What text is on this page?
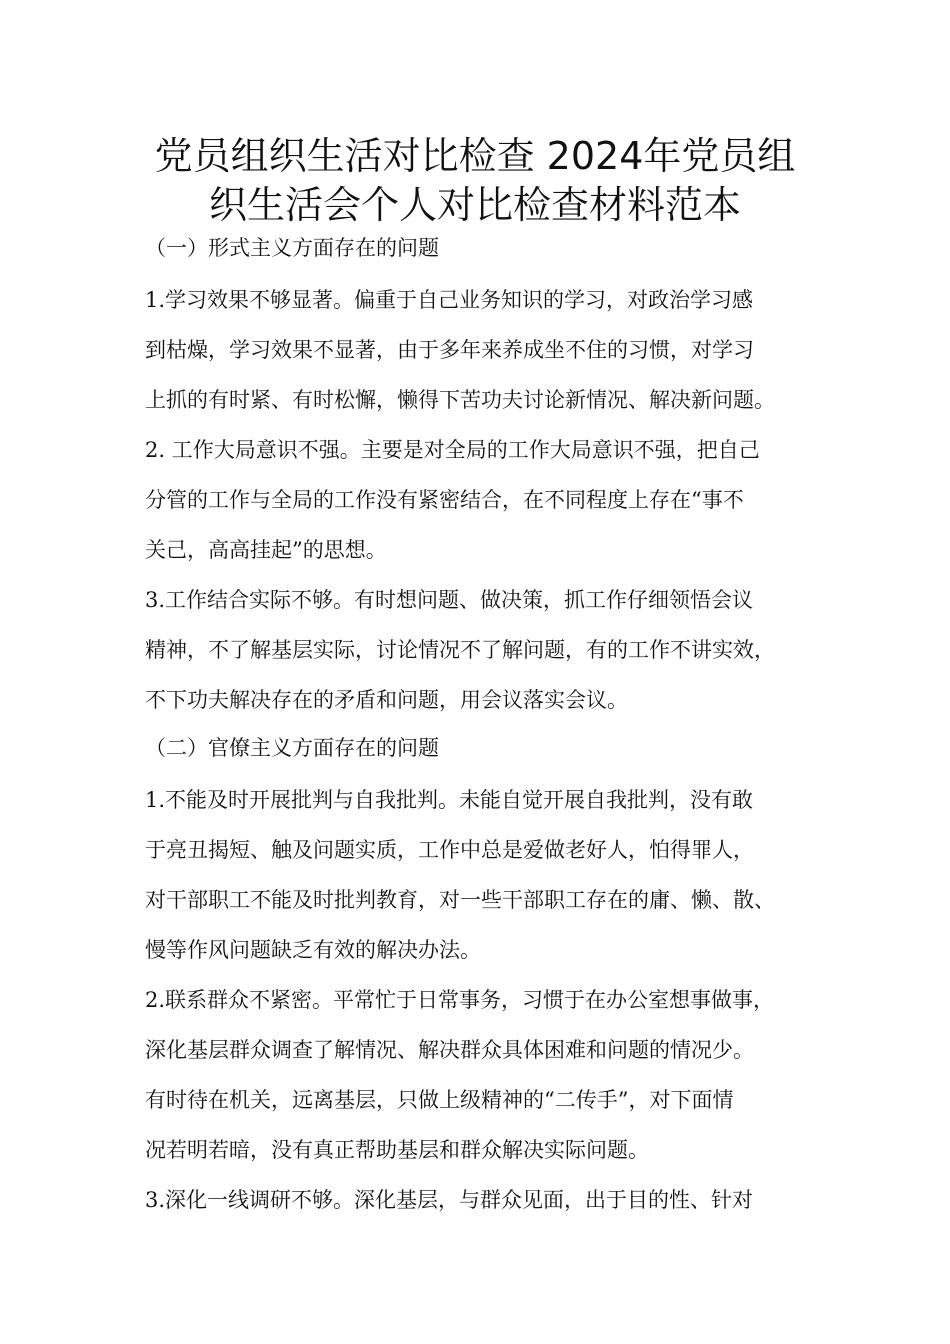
党员组织生活对比检查 2024年党员组
织生活会个人对比检查材料范本
（一）形式主义方面存在的问题
1.学习效果不够显著。偏重于自己业务知识的学习，对政治学习感
到枯燥，学习效果不显著，由于多年来养成坐不住的习惯，对学习
上抓的有时紧、有时松懈，懒得下苦功夫讨论新情况、解决新问题。
2. 工作大局意识不强。主要是对全局的工作大局意识不强，把自己
分管的工作与全局的工作没有紧密结合，在不同程度上存在“事不
关己，高高挂起”的思想。
3.工作结合实际不够。有时想问题、做决策，抓工作仔细领悟会议
精神，不了解基层实际，讨论情况不了解问题，有的工作不讲实效，
不下功夫解决存在的矛盾和问题，用会议落实会议。
（二）官僚主义方面存在的问题
1.不能及时开展批判与自我批判。未能自觉开展自我批判，没有敢
于亮丑揭短、触及问题实质，工作中总是爱做老好人，怕得罪人，
对干部职工不能及时批判教育，对一些干部职工存在的庸、懒、散、
慢等作风问题缺乏有效的解决办法。
2.联系群众不紧密。平常忙于日常事务，习惯于在办公室想事做事，
深化基层群众调查了解情况、解决群众具体困难和问题的情况少。
有时待在机关，远离基层，只做上级精神的“二传手”，对下面情
况若明若暗，没有真正帮助基层和群众解决实际问题。
3.深化一线调研不够。深化基层，与群众见面，出于目的性、针对
